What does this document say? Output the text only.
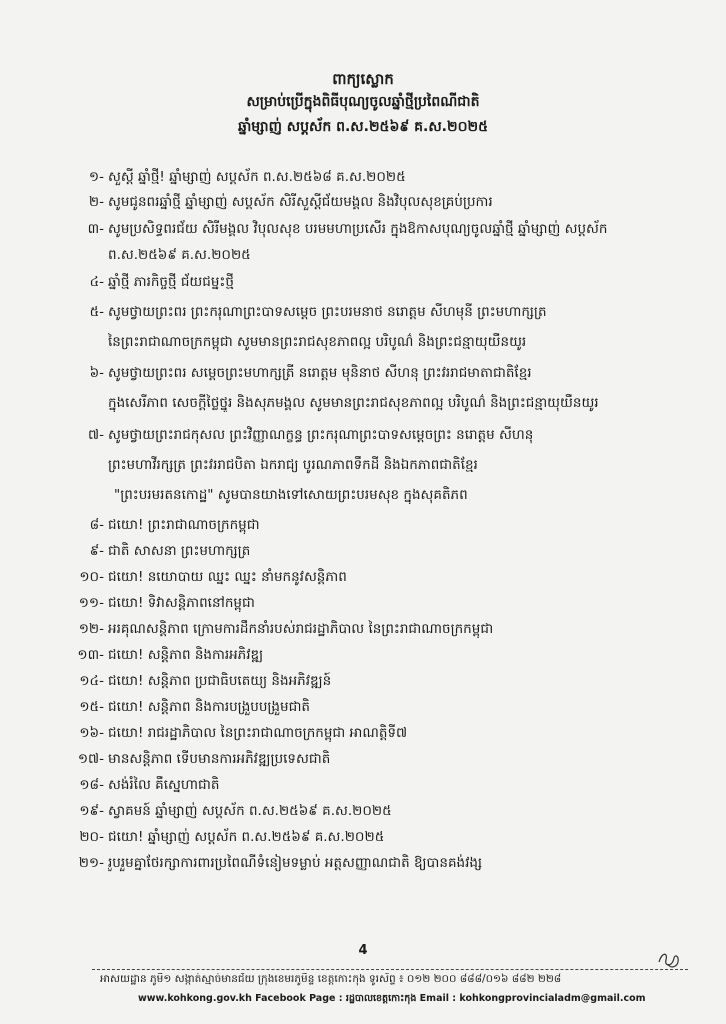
ពាក្យស្លោក
សម្រាប់ប្រើក្នុងពិធីបុណ្យចូលឆ្នាំថ្មីប្រពៃណីជាតិ
ឆ្នាំម្សាញ់ សប្តស័ក ព.ស.២៥៦៩ គ.ស.២០២៥
១- សួស្តី ឆ្នាំថ្មី! ឆ្នាំម្សាញ់ សប្តស័ក ព.ស.២៥៦៨ គ.ស.២០២៥
២- សូមជូនពរឆ្នាំថ្មី ឆ្នាំម្សាញ់ សប្តស័ក សិរីសួស្តីជ័យមង្គល និងវិបុលសុខគ្រប់ប្រការ
៣- សូមប្រសិទ្ធពរជ័យ សិរីមង្គល វិបុលសុខ បរមមហាប្រសើរ ក្នុងឱកាសបុណ្យចូលឆ្នាំថ្មី ឆ្នាំម្សាញ់ សប្តស័ក
ព.ស.២៥៦៩ គ.ស.២០២៥
៤- ឆ្នាំថ្មី ភារកិច្ចថ្មី ជ័យជម្នះថ្មី
៥- សូមថ្វាយព្រះពរ ព្រះករុណាព្រះបាទសម្តេច ព្រះបរមនាថ នរោត្តម សីហមុនី ព្រះមហាក្សត្រ
នៃព្រះរាជាណាចក្រកម្ពុជា សូមមានព្រះរាជសុខភាពល្អ បរិបូណ៌ និងព្រះជន្មាយុយឺនយូរ
៦- សូមថ្វាយព្រះពរ សម្តេចព្រះមហាក្សត្រី នរោត្តម មុនិនាថ សីហនុ ព្រះវររាជមាតាជាតិខ្មែរ
ក្នុងសេរីភាព សេចក្តីថ្លៃថ្នូរ និងសុភមង្គល សូមមានព្រះរាជសុខភាពល្អ បរិបូណ៌ និងព្រះជន្មាយុយឺនយូរ
៧- សូមថ្វាយព្រះរាជកុសល ព្រះវិញ្ញាណក្ខន្ធ ព្រះករុណាព្រះបាទសម្តេចព្រះ នរោត្តម សីហនុ
ព្រះមហាវីរក្សត្រ ព្រះវររាជបិតា ឯករាជ្យ បូរណភាពទឹកដី និងឯកភាពជាតិខ្មែរ
"ព្រះបរមរតនកោដ្ឋ" សូមបានយាងទៅសោយព្រះបរមសុខ ក្នុងសុគតិភព
៨- ជយោ! ព្រះរាជាណាចក្រកម្ពុជា
៩- ជាតិ សាសនា ព្រះមហាក្សត្រ
១០- ជយោ! នយោបាយ ឈ្នះ ឈ្នះ នាំមកនូវសន្តិភាព
១១- ជយោ! ទិវាសន្តិភាពនៅកម្ពុជា
១២- អរគុណសន្តិភាព ក្រោមការដឹកនាំរបស់រាជរដ្ឋាភិបាល នៃព្រះរាជាណាចក្រកម្ពុជា
១៣- ជយោ! សន្តិភាព និងការអភិវឌ្ឍ
១៤- ជយោ! សន្តិភាព ប្រជាធិបតេយ្យ និងអភិវឌ្ឍន៍
១៥- ជយោ! សន្តិភាព និងការបង្រួបបង្រួមជាតិ
១៦- ជយោ! រាជរដ្ឋាភិបាល នៃព្រះរាជាណាចក្រកម្ពុជា អាណត្តិទី៧
១៧- មានសន្តិភាព ទើបមានការអភិវឌ្ឍប្រទេសជាតិ
១៨- សង់រំលៃ គឺស្នេហាជាតិ
១៩- ស្វាគមន៍ ឆ្នាំម្សាញ់ សប្តស័ក ព.ស.២៥៦៩ គ.ស.២០២៥
២០- ជយោ! ឆ្នាំម្សាញ់ សប្តស័ក ព.ស.២៥៦៩ គ.ស.២០២៥
២១- រួបរួមគ្នាថែរក្សាការពារប្រពៃណីទំនៀមទម្លាប់ អត្តសញ្ញាណជាតិ ឱ្យបានគង់វង្ស
4
អាសយដ្ឋាន ភូមិ១ សង្កាត់ស្មាច់មានជ័យ ក្រុងខេមរភូមិន្ទ ខេត្តកោះកុង ទូរស័ព្ទ ៖ ០១២ ២០០ ៨៨៨/០១៦ ៨៨២ ២២៨
www.kohkong.gov.kh Facebook Page : រដ្ឋបាលខេត្តកោះកុង Email : kohkongprovincialadm@gmail.com
